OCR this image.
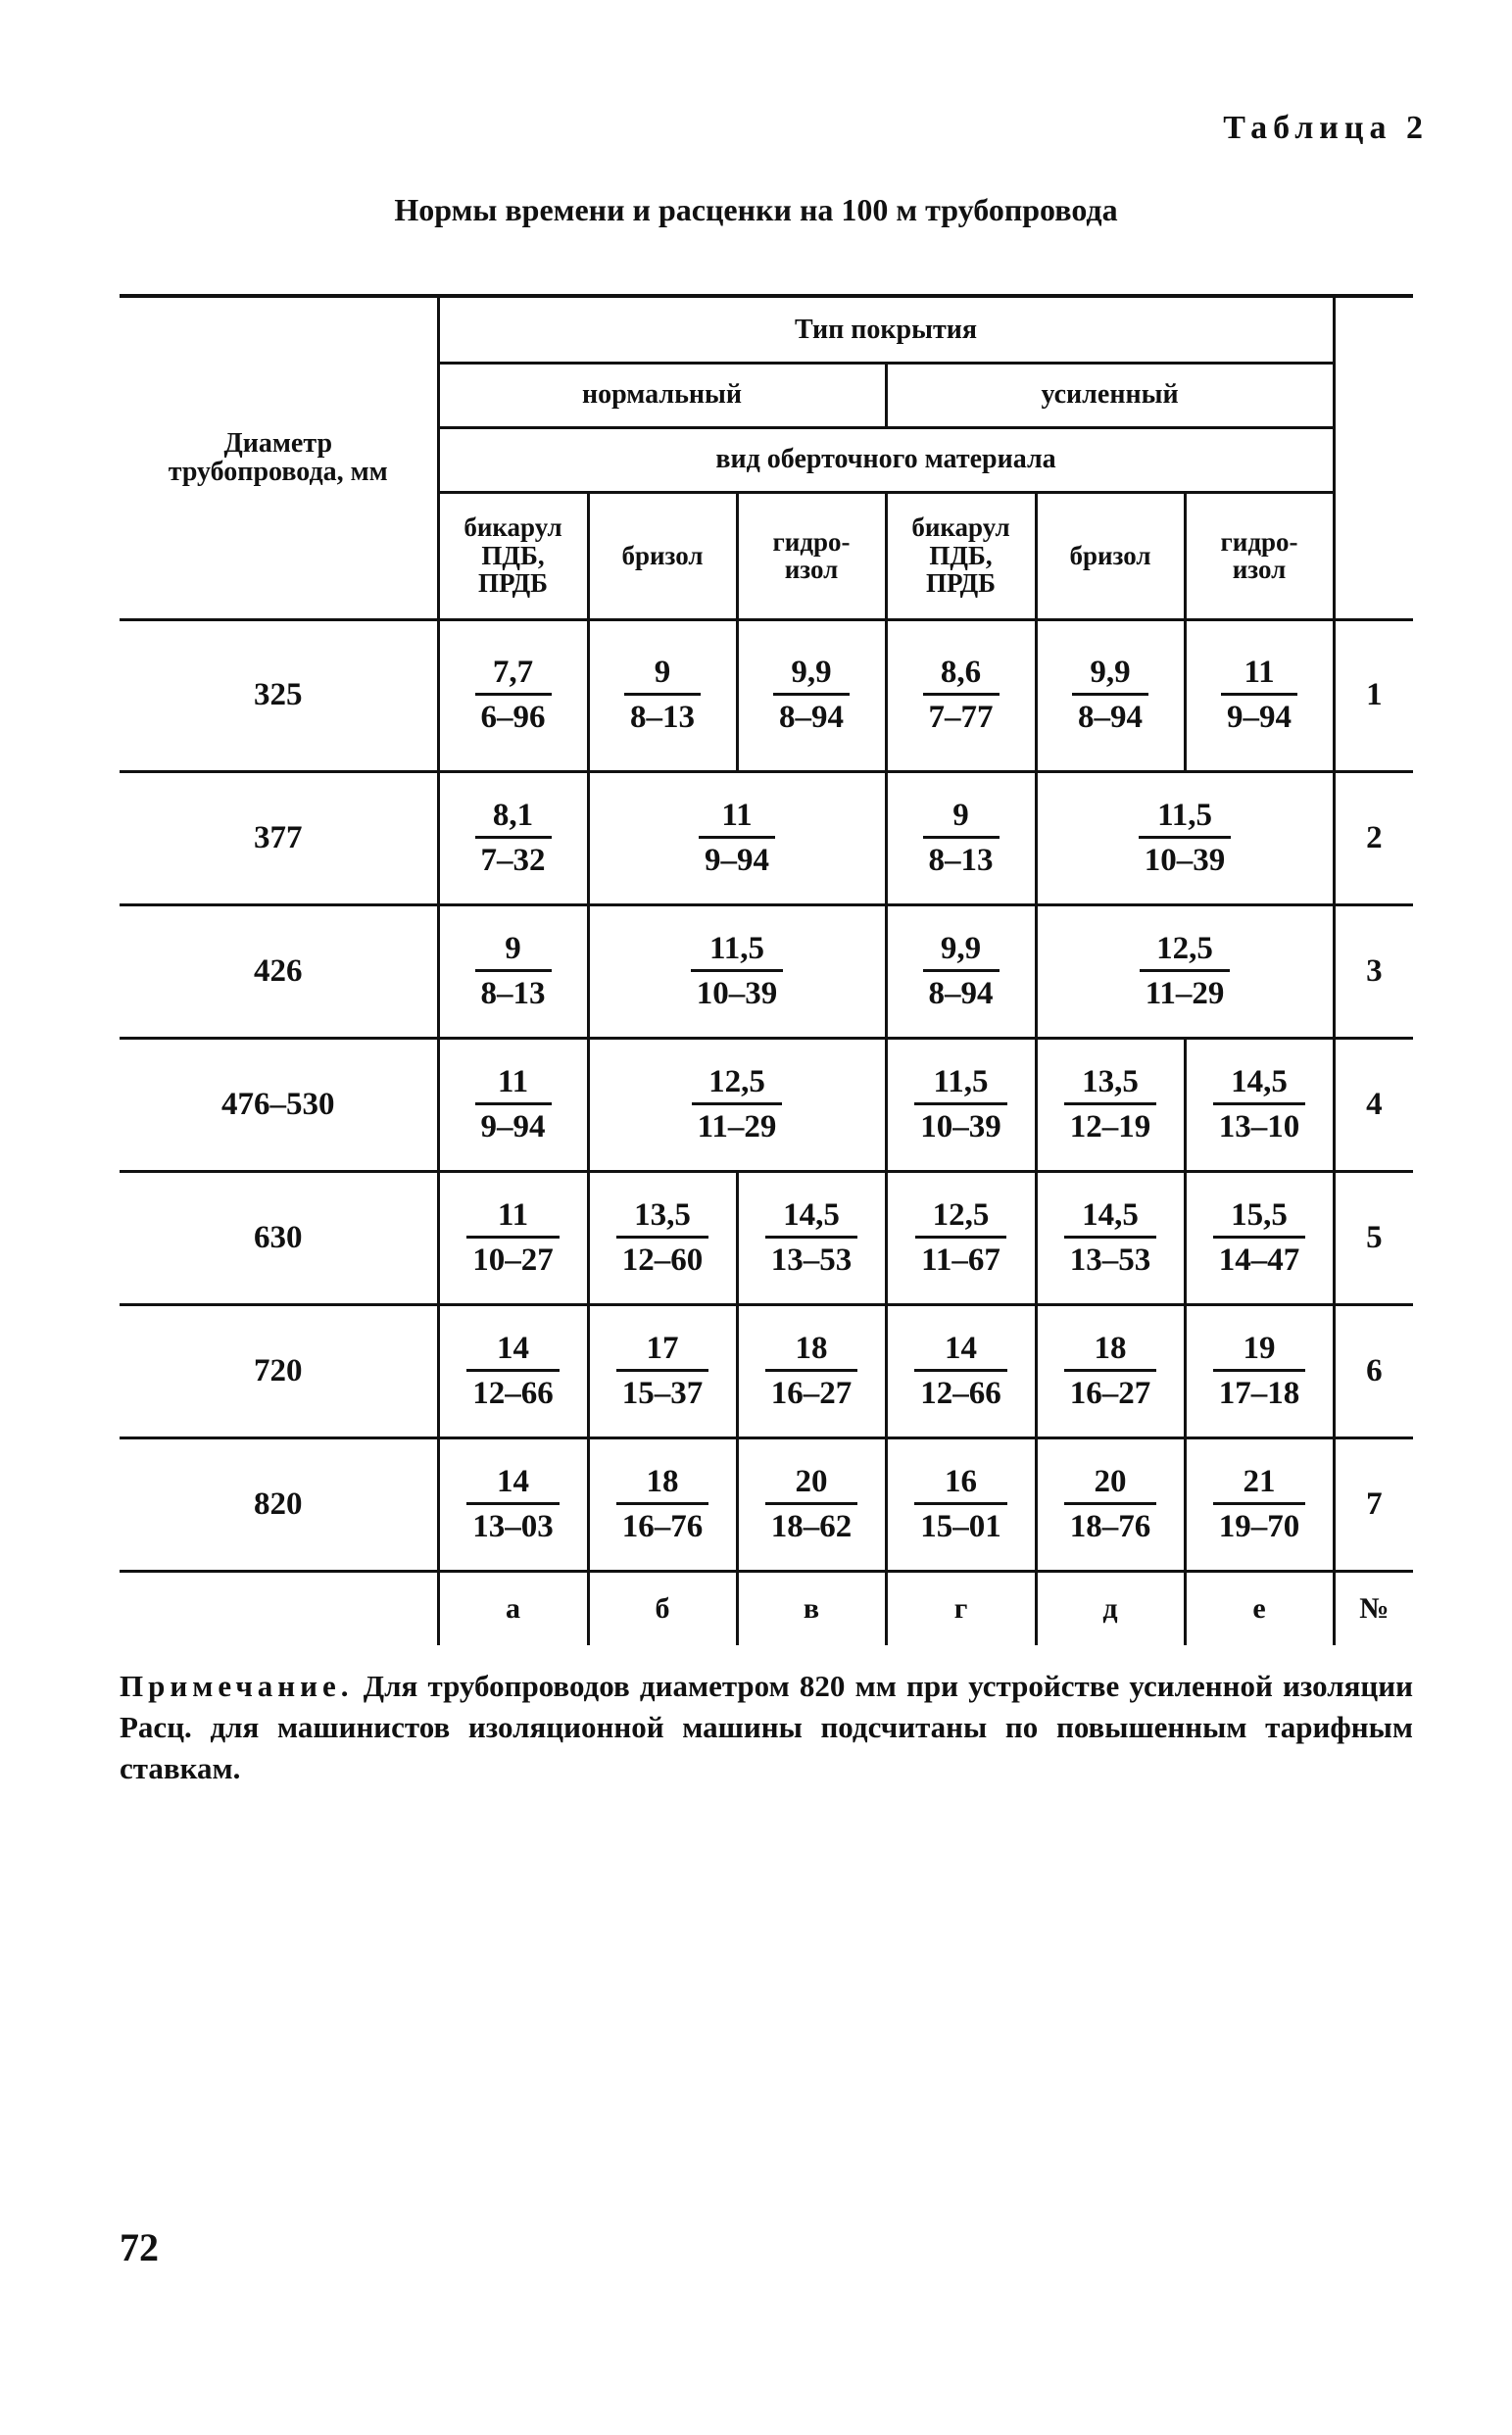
Таблица 2
Нормы времени и расценки на 100 м трубопровода
Диаметр трубопровода, мм	Тип покрытия						
	нормальный			усиленный			
	вид оберточного материала						
	бикарул ПДБ, ПРДБ	бризол	гидро-изол	бикарул ПДБ, ПРДБ	бризол	гидро-изол	
325	$\frac{7,7}{6-96}$	$\frac{9}{8-13}$	$\frac{9,9}{8-94}$	$\frac{8,6}{7-77}$	$\frac{9,9}{8-94}$	$\frac{11}{9-94}$	1
377	$\frac{8,1}{7-32}$	$\frac{11}{9-94}$		$\frac{9}{8-13}$	$\frac{11,5}{10-39}$		2
426	$\frac{9}{8-13}$	$\frac{11,5}{10-39}$		$\frac{9,9}{8-94}$	$\frac{12,5}{11-29}$		3
476–530	$\frac{11}{9-94}$	$\frac{12,5}{11-29}$		$\frac{11,5}{10-39}$	$\frac{13,5}{12-19}$	$\frac{14,5}{13-10}$	4
630	$\frac{11}{10-27}$	$\frac{13,5}{12-60}$	$\frac{14,5}{13-53}$	$\frac{12,5}{11-67}$	$\frac{14,5}{13-53}$	$\frac{15,5}{14-47}$	5
720	$\frac{14}{12-66}$	$\frac{17}{15-37}$	$\frac{18}{16-27}$	$\frac{14}{12-66}$	$\frac{18}{16-27}$	$\frac{19}{17-18}$	6
820	$\frac{14}{13-03}$	$\frac{18}{16-76}$	$\frac{20}{18-62}$	$\frac{16}{15-01}$	$\frac{20}{18-76}$	$\frac{21}{19-70}$	7
	а	б	в	г	д	е	№
Примечание. Для трубопроводов диаметром 820 мм при устройстве усиленной изоляции Расц. для машинистов изоляционной машины подсчитаны по повышенным тарифным ставкам.
72
